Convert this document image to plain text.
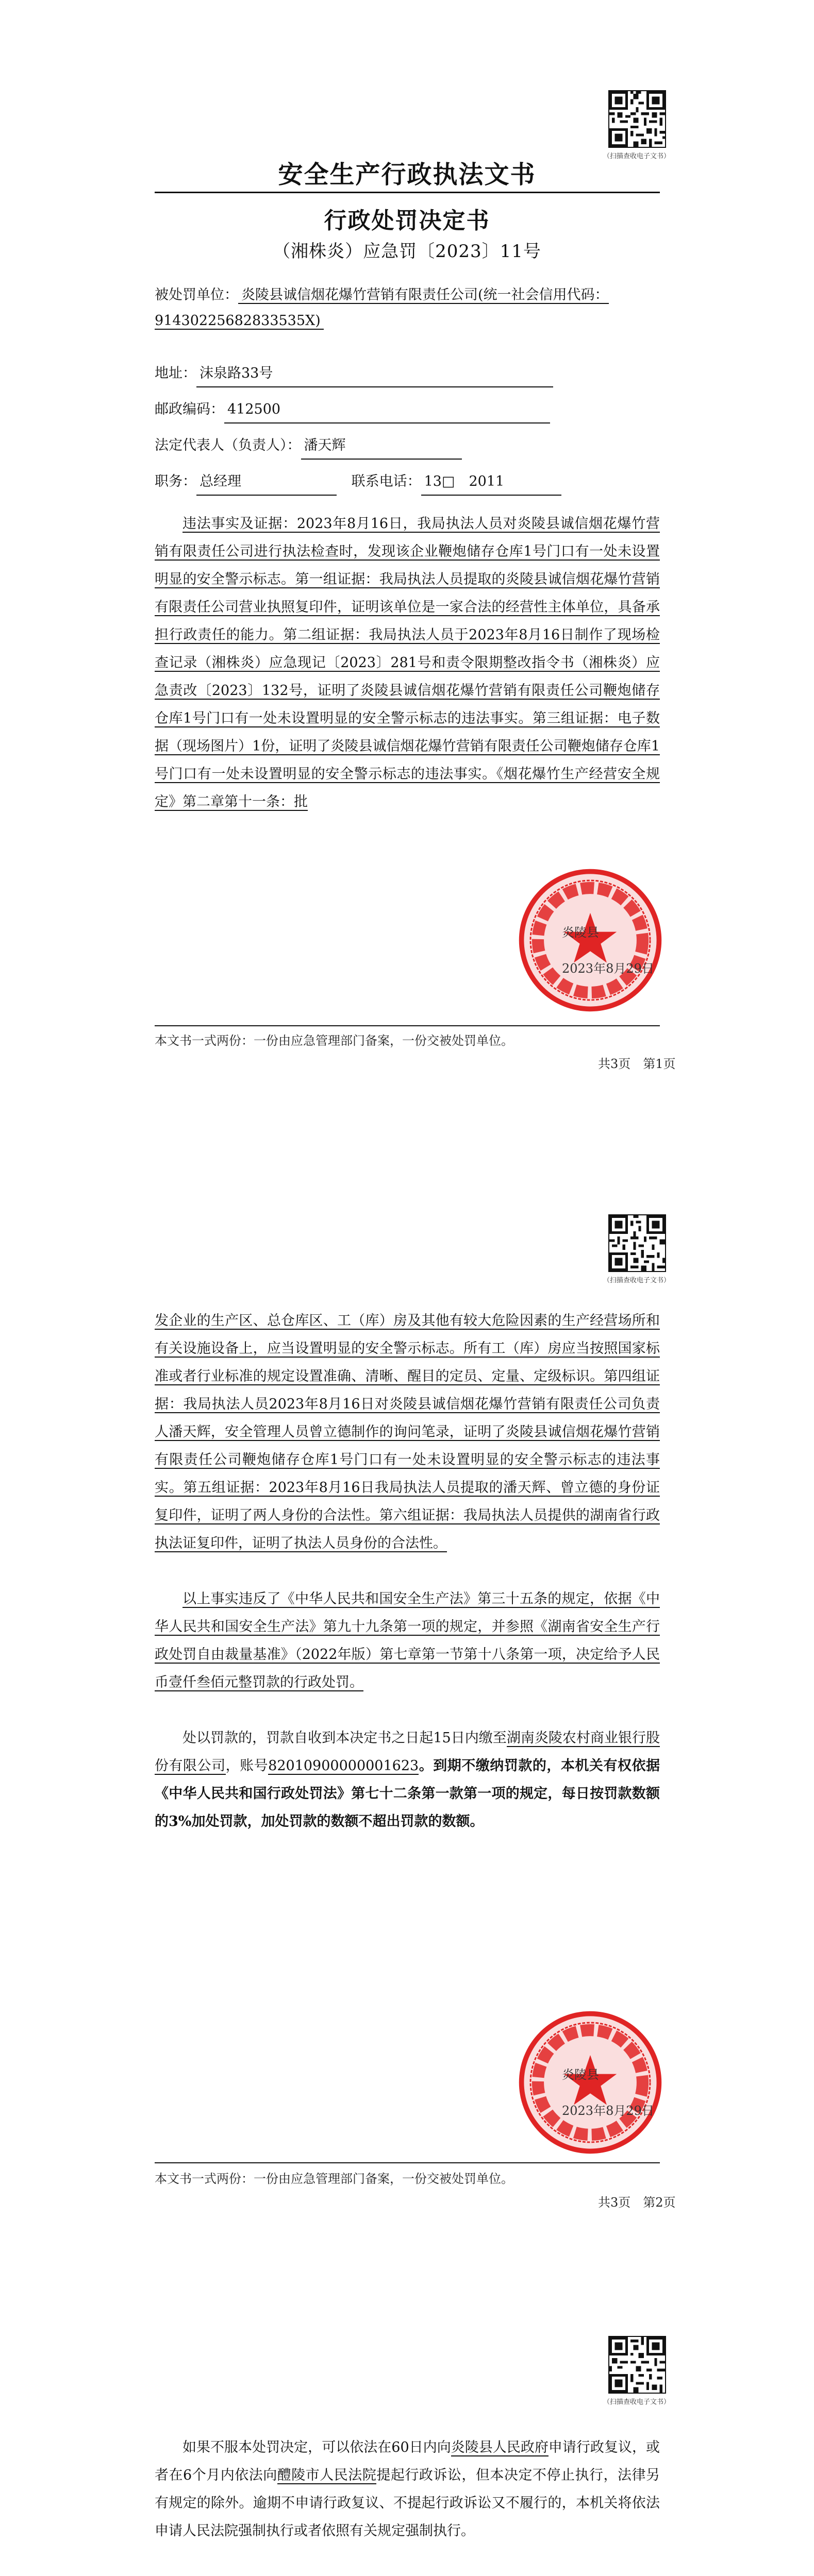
（扫描查收电子文书）
安全生产行政执法文书
行政处罚决定书
（湘株炎）应急罚〔2023〕11号
被处罚单位： 炎陵县诚信烟花爆竹营销有限责任公司(统一社会信用代码：91430225682833535X)
地址： 沫泉路33号
邮政编码： 412500
法定代表人（负责人）： 潘天辉
职务： 总经理	联系电话： 13□　2011
违法事实及证据：2023年8月16日，我局执法人员对炎陵县诚信烟花爆竹营销有限责任公司进行执法检查时，发现该企业鞭炮储存仓库1号门口有一处未设置明显的安全警示标志。第一组证据：我局执法人员提取的炎陵县诚信烟花爆竹营销有限责任公司营业执照复印件，证明该单位是一家合法的经营性主体单位，具备承担行政责任的能力。第二组证据：我局执法人员于2023年8月16日制作了现场检查记录（湘株炎）应急现记〔2023〕281号和责令限期整改指令书（湘株炎）应急责改〔2023〕132号，证明了炎陵县诚信烟花爆竹营销有限责任公司鞭炮储存仓库1号门口有一处未设置明显的安全警示标志的违法事实。第三组证据：电子数据（现场图片）1份，证明了炎陵县诚信烟花爆竹营销有限责任公司鞭炮储存仓库1号门口有一处未设置明显的安全警示标志的违法事实。《烟花爆竹生产经营安全规定》第二章第十一条：批
炎陵县
2023年8月29日
本文书一式两份：一份由应急管理部门备案，一份交被处罚单位。
共3页　第1页
（扫描查收电子文书）
发企业的生产区、总仓库区、工（库）房及其他有较大危险因素的生产经营场所和有关设施设备上，应当设置明显的安全警示标志。所有工（库）房应当按照国家标准或者行业标准的规定设置准确、清晰、醒目的定员、定量、定级标识。第四组证据：我局执法人员2023年8月16日对炎陵县诚信烟花爆竹营销有限责任公司负责人潘天辉，安全管理人员曾立德制作的询问笔录，证明了炎陵县诚信烟花爆竹营销有限责任公司鞭炮储存仓库1号门口有一处未设置明显的安全警示标志的违法事实。第五组证据：2023年8月16日我局执法人员提取的潘天辉、曾立德的身份证复印件，证明了两人身份的合法性。第六组证据：我局执法人员提供的湖南省行政执法证复印件，证明了执法人员身份的合法性。
以上事实违反了《中华人民共和国安全生产法》第三十五条的规定，依据《中华人民共和国安全生产法》第九十九条第一项的规定，并参照《湖南省安全生产行政处罚自由裁量基准》（2022年版）第七章第一节第十八条第一项，决定给予人民币壹仟叁佰元整罚款的行政处罚。
处以罚款的，罚款自收到本决定书之日起15日内缴至湖南炎陵农村商业银行股份有限公司，账号82010900000001623。到期不缴纳罚款的，本机关有权依据《中华人民共和国行政处罚法》第七十二条第一款第一项的规定，每日按罚款数额的3%加处罚款，加处罚款的数额不超出罚款的数额。
炎陵县
2023年8月29日
本文书一式两份：一份由应急管理部门备案，一份交被处罚单位。
共3页　第2页
（扫描查收电子文书）
如果不服本处罚决定，可以依法在60日内向炎陵县人民政府申请行政复议，或者在6个月内依法向醴陵市人民法院提起行政诉讼，但本决定不停止执行，法律另有规定的除外。逾期不申请行政复议、不提起行政诉讼又不履行的，本机关将依法申请人民法院强制执行或者依照有关规定强制执行。
